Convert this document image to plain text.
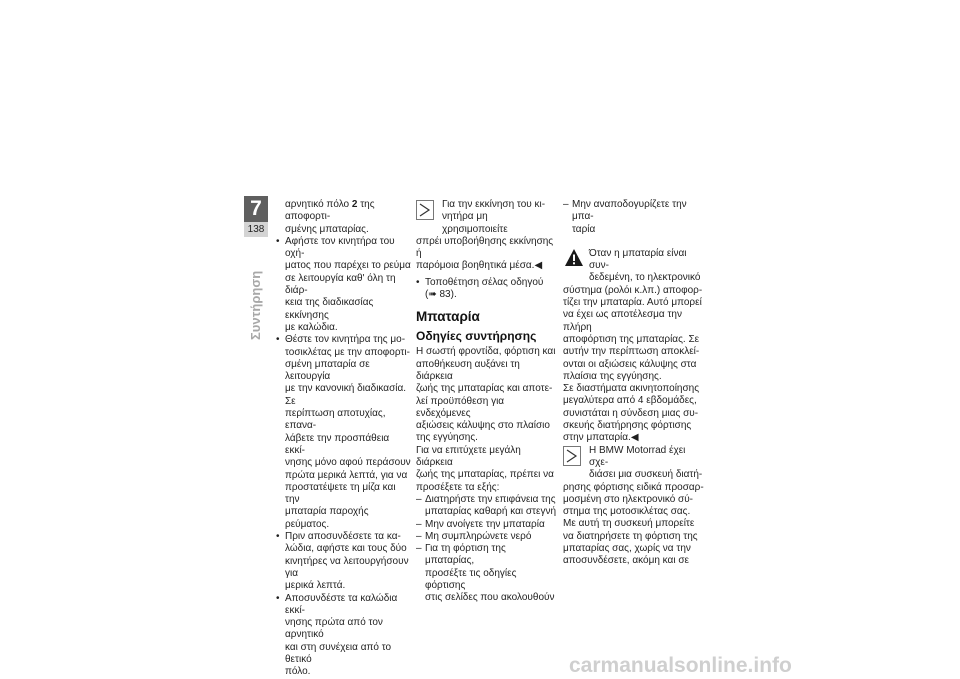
7
138
Συντήρηση

αρνητικό πόλο 2 της αποφορτι-

σμένης μπαταρίας.

• Αφήστε τον κινητήρα του οχή-

ματος που παρέχει το ρεύμα

σε λειτουργία καθ' όλη τη διάρ-

κεια της διαδικασίας εκκίνησης

με καλώδια.

• Θέστε τον κινητήρα της μο-

τοσικλέτας με την αποφορτι-

σμένη μπαταρία σε λειτουργία

με την κανονική διαδικασία. Σε

περίπτωση αποτυχίας, επανα-

λάβετε την προσπάθεια εκκί-

νησης μόνο αφού περάσουν

πρώτα μερικά λεπτά, για να

προστατέψετε τη μίζα και την

μπαταρία παροχής ρεύματος.

• Πριν αποσυνδέσετε τα κα-

λώδια, αφήστε και τους δύο

κινητήρες να λειτουργήσουν για

μερικά λεπτά.

• Αποσυνδέστε τα καλώδια εκκί-

νησης πρώτα από τον αρνητικό

και στη συνέχεια από το θετικό

πόλο.

Για την εκκίνηση του κι-

νητήρα μη χρησιμοποιείτε

σπρέι υποβοήθησης εκκίνησης ή

παρόμοια βοηθητικά μέσα.◀

• Τοποθέτηση σέλας οδηγού

(➠ 83).

Μπαταρία

Οδηγίες συντήρησης

Η σωστή φροντίδα, φόρτιση και

αποθήκευση αυξάνει τη διάρκεια

ζωής της μπαταρίας και αποτε-

λεί προϋπόθεση για ενδεχόμενες

αξιώσεις κάλυψης στο πλαίσιο

της εγγύησης.

Για να επιτύχετε μεγάλη διάρκεια

ζωής της μπαταρίας, πρέπει να

προσέξετε τα εξής:

– Διατηρήστε την επιφάνεια της

μπαταρίας καθαρή και στεγνή

– Μην ανοίγετε την μπαταρία

– Μη συμπληρώνετε νερό

– Για τη φόρτιση της μπαταρίας,

προσέξτε τις οδηγίες φόρτισης

στις σελίδες που ακολουθούν

– Μην αναποδογυρίζετε την μπα-

ταρία

Όταν η μπαταρία είναι συν-

δεδεμένη, το ηλεκτρονικό

σύστημα (ρολόι κ.λπ.) αποφορ-

τίζει την μπαταρία. Αυτό μπορεί

να έχει ως αποτέλεσμα την πλήρη

αποφόρτιση της μπαταρίας. Σε

αυτήν την περίπτωση αποκλεί-

ονται οι αξιώσεις κάλυψης στα

πλαίσια της εγγύησης.

Σε διαστήματα ακινητοποίησης

μεγαλύτερα από 4 εβδομάδες,

συνιστάται η σύνδεση μιας συ-

σκευής διατήρησης φόρτισης

στην μπαταρία.◀

Η BMW Motorrad έχει σχε-

διάσει μια συσκευή διατή-

ρησης φόρτισης ειδικά προσαρ-

μοσμένη στο ηλεκτρονικό σύ-

στημα της μοτοσικλέτας σας.

Με αυτή τη συσκευή μπορείτε

να διατηρήσετε τη φόρτιση της

μπαταρίας σας, χωρίς να την

αποσυνδέσετε, ακόμη και σε

carmanualsonline.info
